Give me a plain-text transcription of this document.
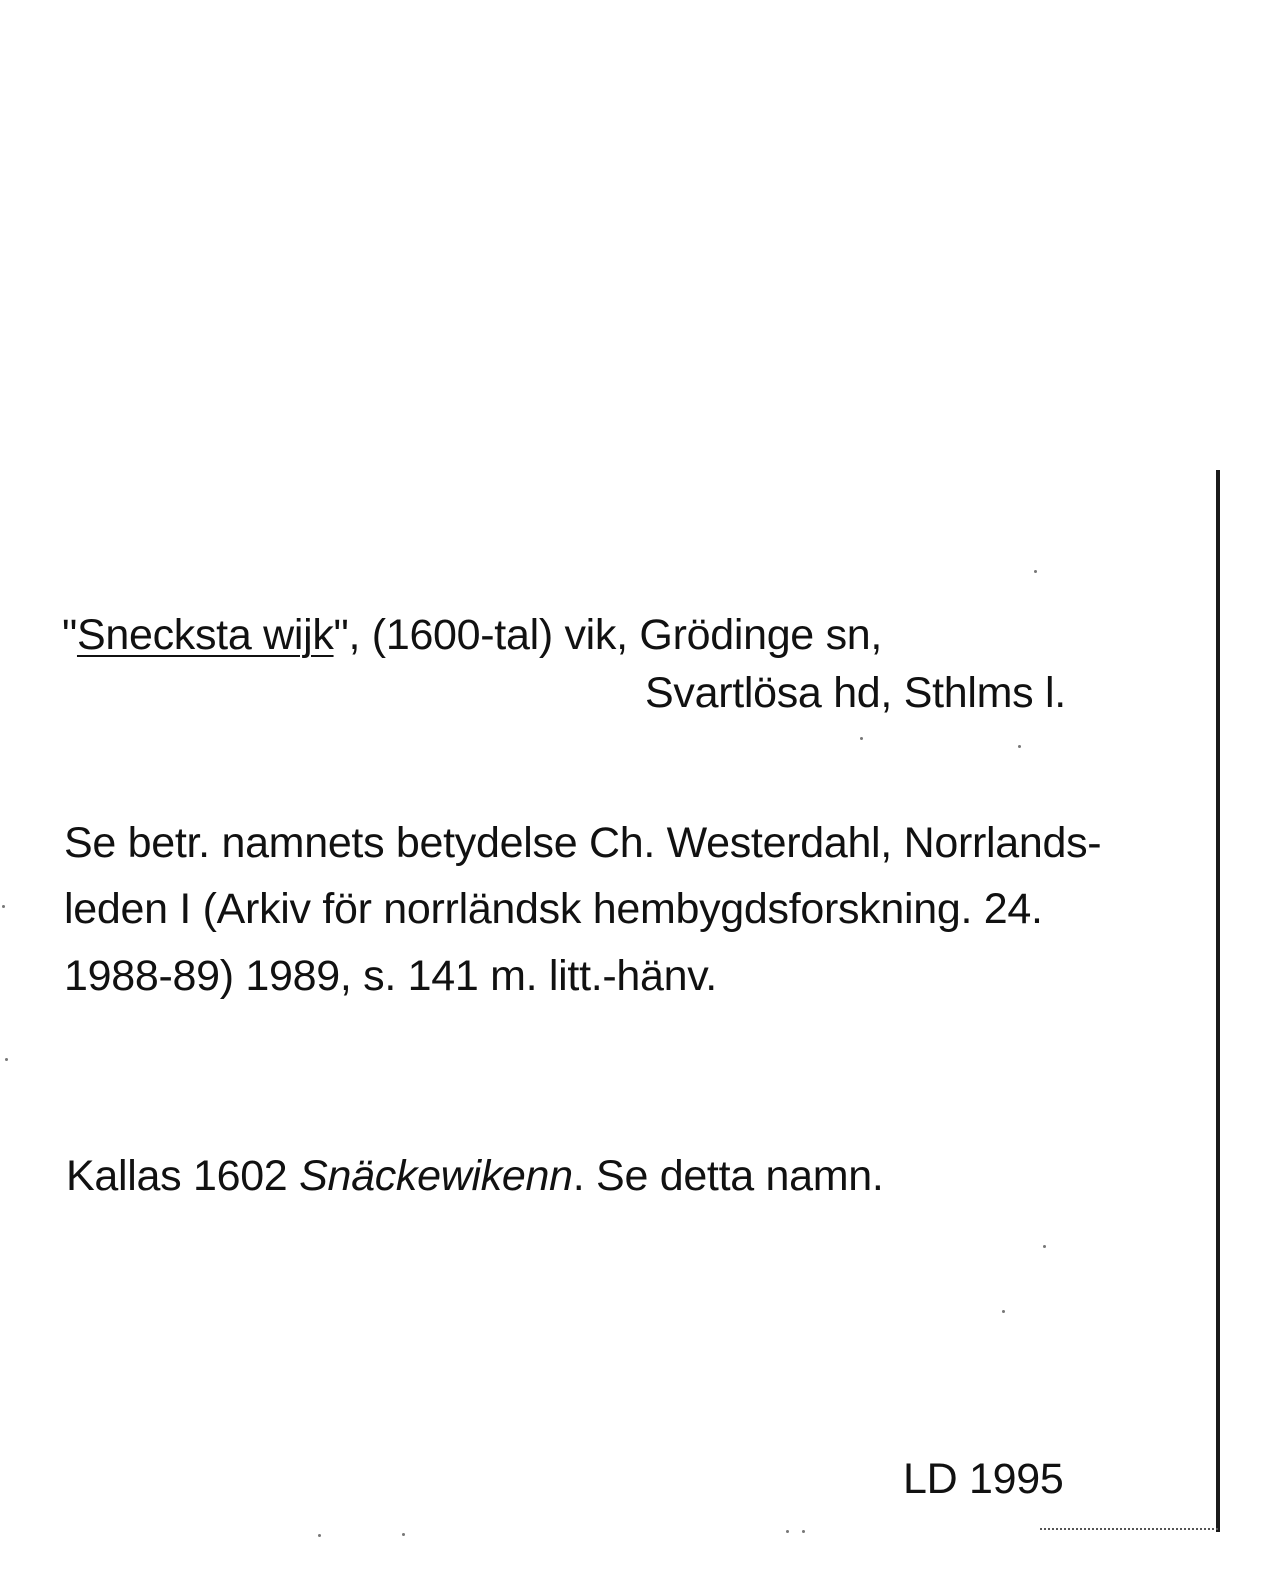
"Snecksta wijk", (1600-tal) vik, Grödinge sn,
Svartlösa hd, Sthlms l.
Se betr. namnets betydelse Ch. Westerdahl, Norrlands-
leden I (Arkiv för norrländsk hembygdsforskning. 24.
1988-89) 1989, s. 141 m. litt.-hänv.
Kallas 1602 Snäckewikenn. Se detta namn.
LD 1995
